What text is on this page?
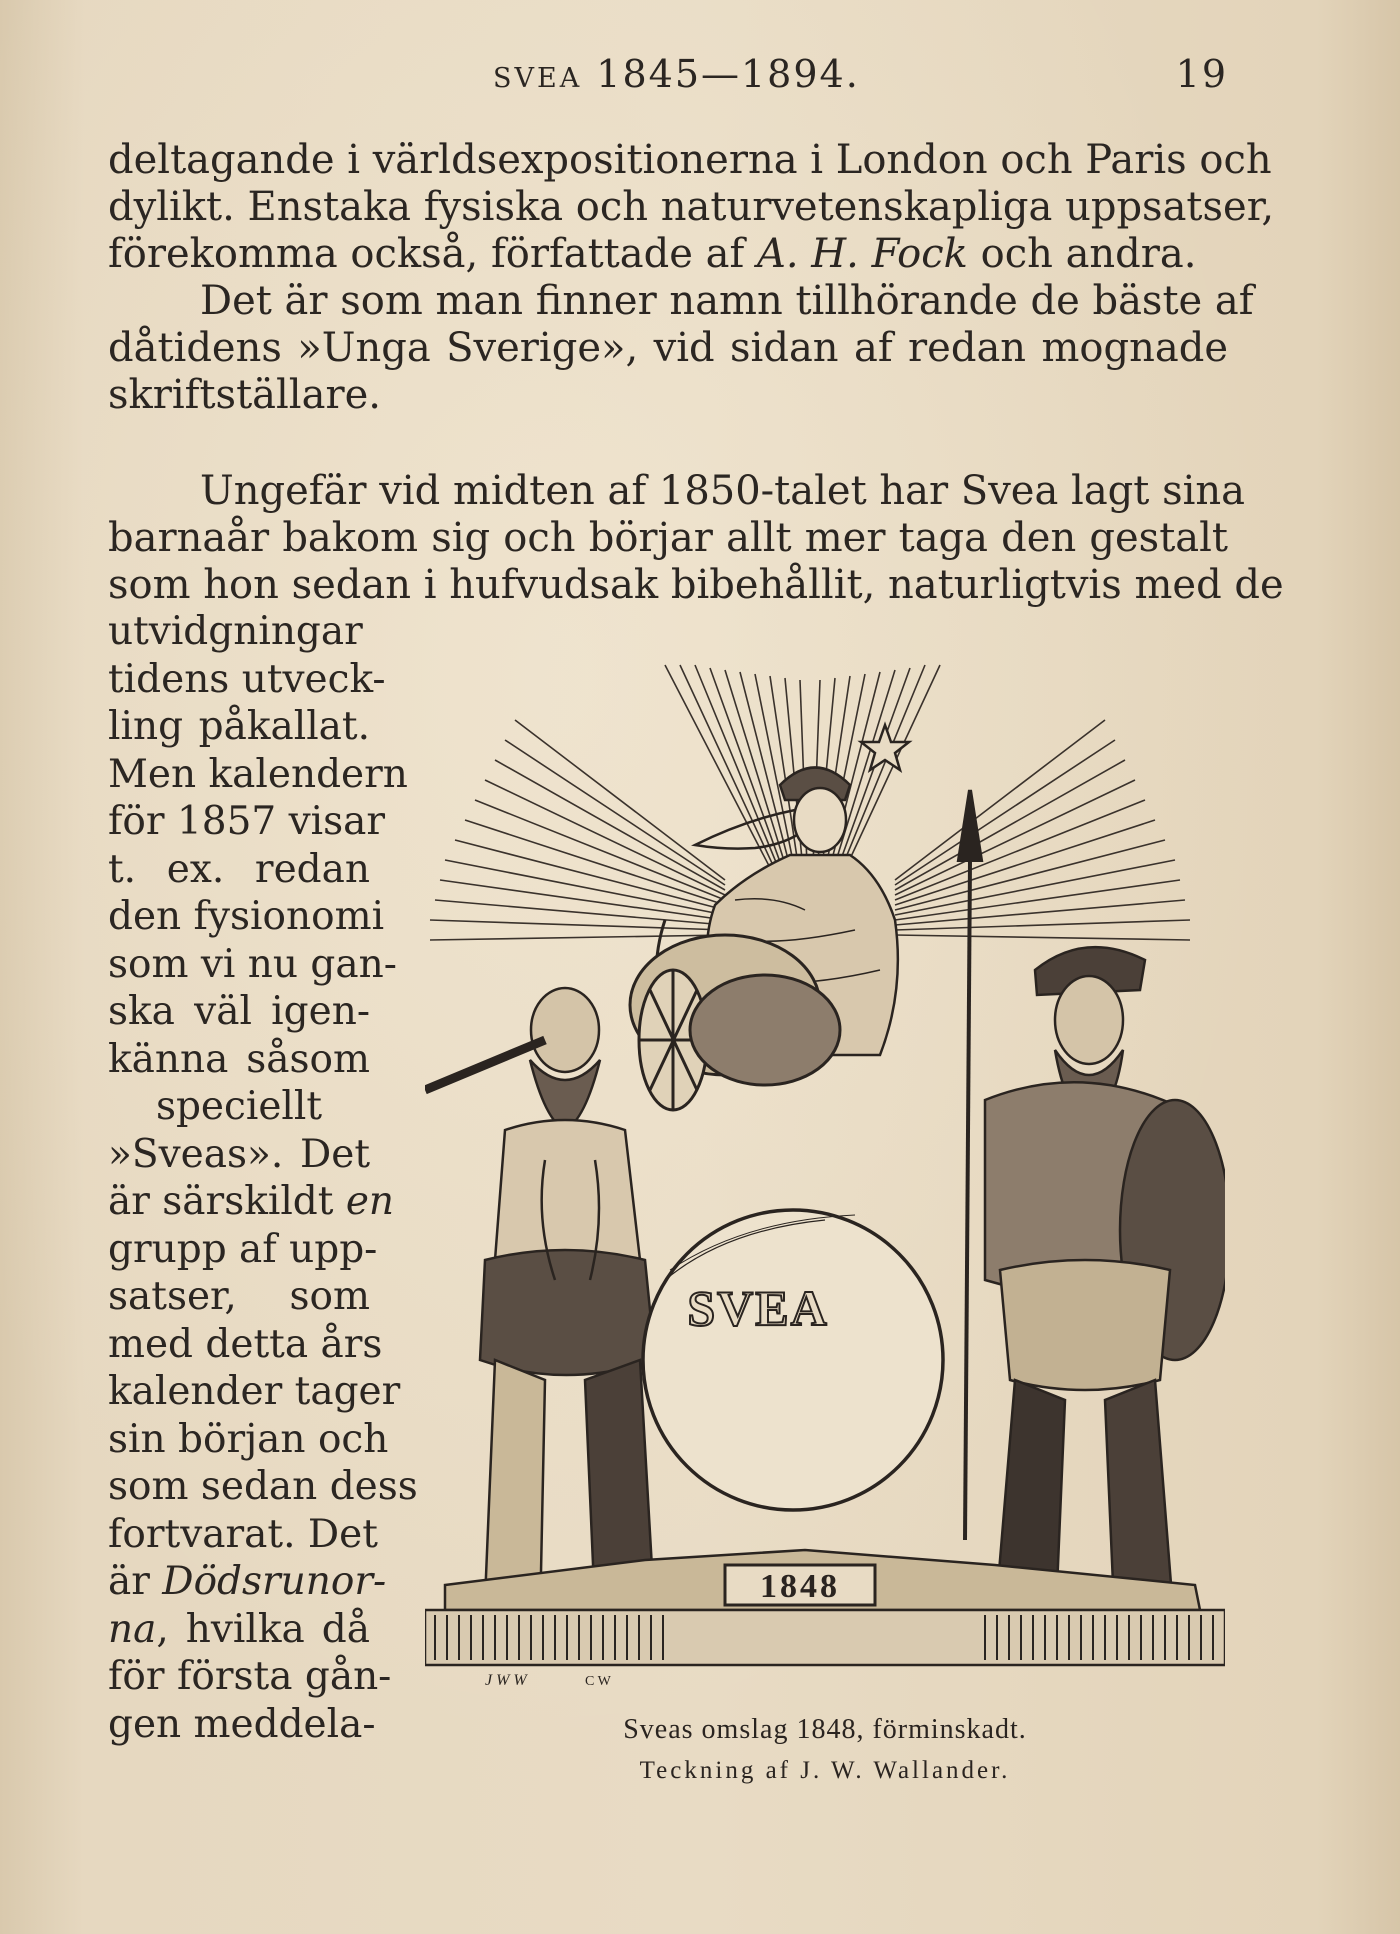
SVEA 1845—1894.	19
deltagande i världsexpositionerna i London och Paris och
dylikt. Enstaka fysiska och naturvetenskapliga uppsatser,
förekomma också, författade af A. H. Fock och andra.
Det är som man finner namn tillhörande de bäste af
dåtidens »Unga Sverige», vid sidan af redan mognade
skriftställare.
Ungefär vid midten af 1850-talet har Svea lagt sina
barnaår bakom sig och börjar allt mer taga den gestalt
som hon sedan i hufvudsak bibehållit, naturligtvis med de
utvidgningar
tidens utveck-
ling påkallat.
Men kalendern
för 1857 visar
t. ex. redan
den fysionomi
som vi nu gan-
ska väl igen-
känna såsom
speciellt
»Sveas». Det
är särskildt en
grupp af upp-
satser, som
med detta års
kalender tager
sin början och
som sedan dess
fortvarat. Det
är Dödsrunor-
na, hvilka då
för första gån-
gen meddela-
SVEA
1848
J W W	C W
Sveas omslag 1848, förminskadt.
Teckning af J. W. Wallander.
